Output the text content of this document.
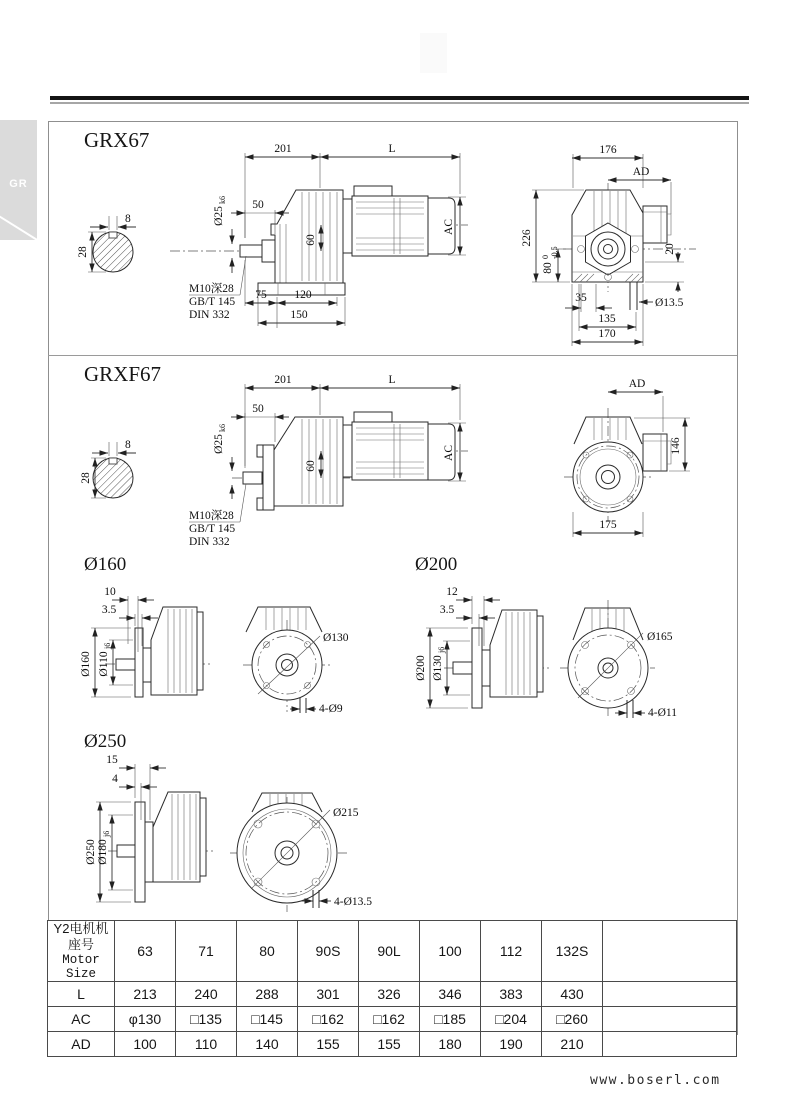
GR
GRX67
GRXF67
Ø160	Ø200
Ø250
8
28
201	L
50
Ø25
k6
60
AC
75 120
150
M10深28
GB/T 145
DIN 332
176
AD
226
80
0 -0.5	20
35	Ø13.5
135
170
8
28
201	L
50
Ø25
k6
60
AC
M10深28
GB/T 145
DIN 332
AD
146
175
10
3.5
Ø160 Ø110
j6
Ø130
4-Ø9
12
3.5
Ø200 Ø130
j6
Ø165
4-Ø11
15
4
Ø250 Ø180
j6
Ø215
4-Ø13.5
Y2电机机座号
Motor Size	63	71	80	90S	90L	100	112	132S	
L	213	240	288	301	326	346	383	430	
AC	φ130	□135	□145	□162	□162	□185	□204	□260	
AD	100	110	140	155	155	180	190	210	
www.boserl.com
